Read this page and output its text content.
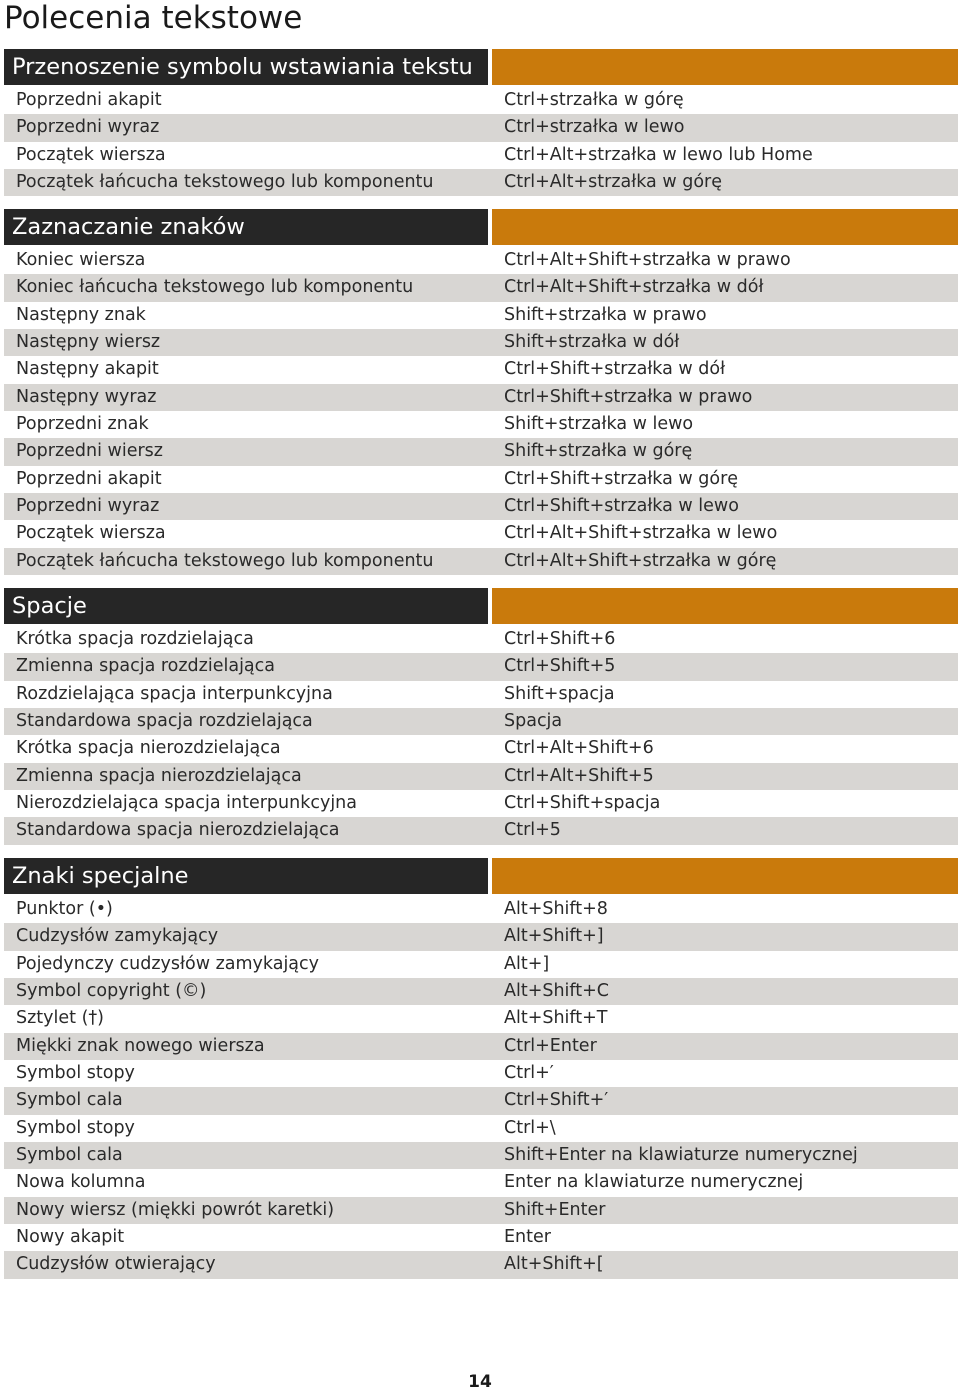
Polecenia tekstowe
Przenoszenie symbolu wstawiania tekstu
Poprzedni akapit	Ctrl+strzałka w górę
Poprzedni wyraz	Ctrl+strzałka w lewo
Początek wiersza	Ctrl+Alt+strzałka w lewo lub Home
Początek łańcucha tekstowego lub komponentu	Ctrl+Alt+strzałka w górę
Zaznaczanie znaków
Koniec wiersza	Ctrl+Alt+Shift+strzałka w prawo
Koniec łańcucha tekstowego lub komponentu	Ctrl+Alt+Shift+strzałka w dół
Następny znak	Shift+strzałka w prawo
Następny wiersz	Shift+strzałka w dół
Następny akapit	Ctrl+Shift+strzałka w dół
Następny wyraz	Ctrl+Shift+strzałka w prawo
Poprzedni znak	Shift+strzałka w lewo
Poprzedni wiersz	Shift+strzałka w górę
Poprzedni akapit	Ctrl+Shift+strzałka w górę
Poprzedni wyraz	Ctrl+Shift+strzałka w lewo
Początek wiersza	Ctrl+Alt+Shift+strzałka w lewo
Początek łańcucha tekstowego lub komponentu	Ctrl+Alt+Shift+strzałka w górę
Spacje
Krótka spacja rozdzielająca	Ctrl+Shift+6
Zmienna spacja rozdzielająca	Ctrl+Shift+5
Rozdzielająca spacja interpunkcyjna	Shift+spacja
Standardowa spacja rozdzielająca	Spacja
Krótka spacja nierozdzielająca	Ctrl+Alt+Shift+6
Zmienna spacja nierozdzielająca	Ctrl+Alt+Shift+5
Nierozdzielająca spacja interpunkcyjna	Ctrl+Shift+spacja
Standardowa spacja nierozdzielająca	Ctrl+5
Znaki specjalne
Punktor (•)	Alt+Shift+8
Cudzysłów zamykający	Alt+Shift+]
Pojedynczy cudzysłów zamykający	Alt+]
Symbol copyright (©)	Alt+Shift+C
Sztylet (†)	Alt+Shift+T
Miękki znak nowego wiersza	Ctrl+Enter
Symbol stopy	Ctrl+′
Symbol cala	Ctrl+Shift+′
Symbol stopy	Ctrl+\
Symbol cala	Shift+Enter na klawiaturze numerycznej
Nowa kolumna	Enter na klawiaturze numerycznej
Nowy wiersz (miękki powrót karetki)	Shift+Enter
Nowy akapit	Enter
Cudzysłów otwierający	Alt+Shift+[
14
